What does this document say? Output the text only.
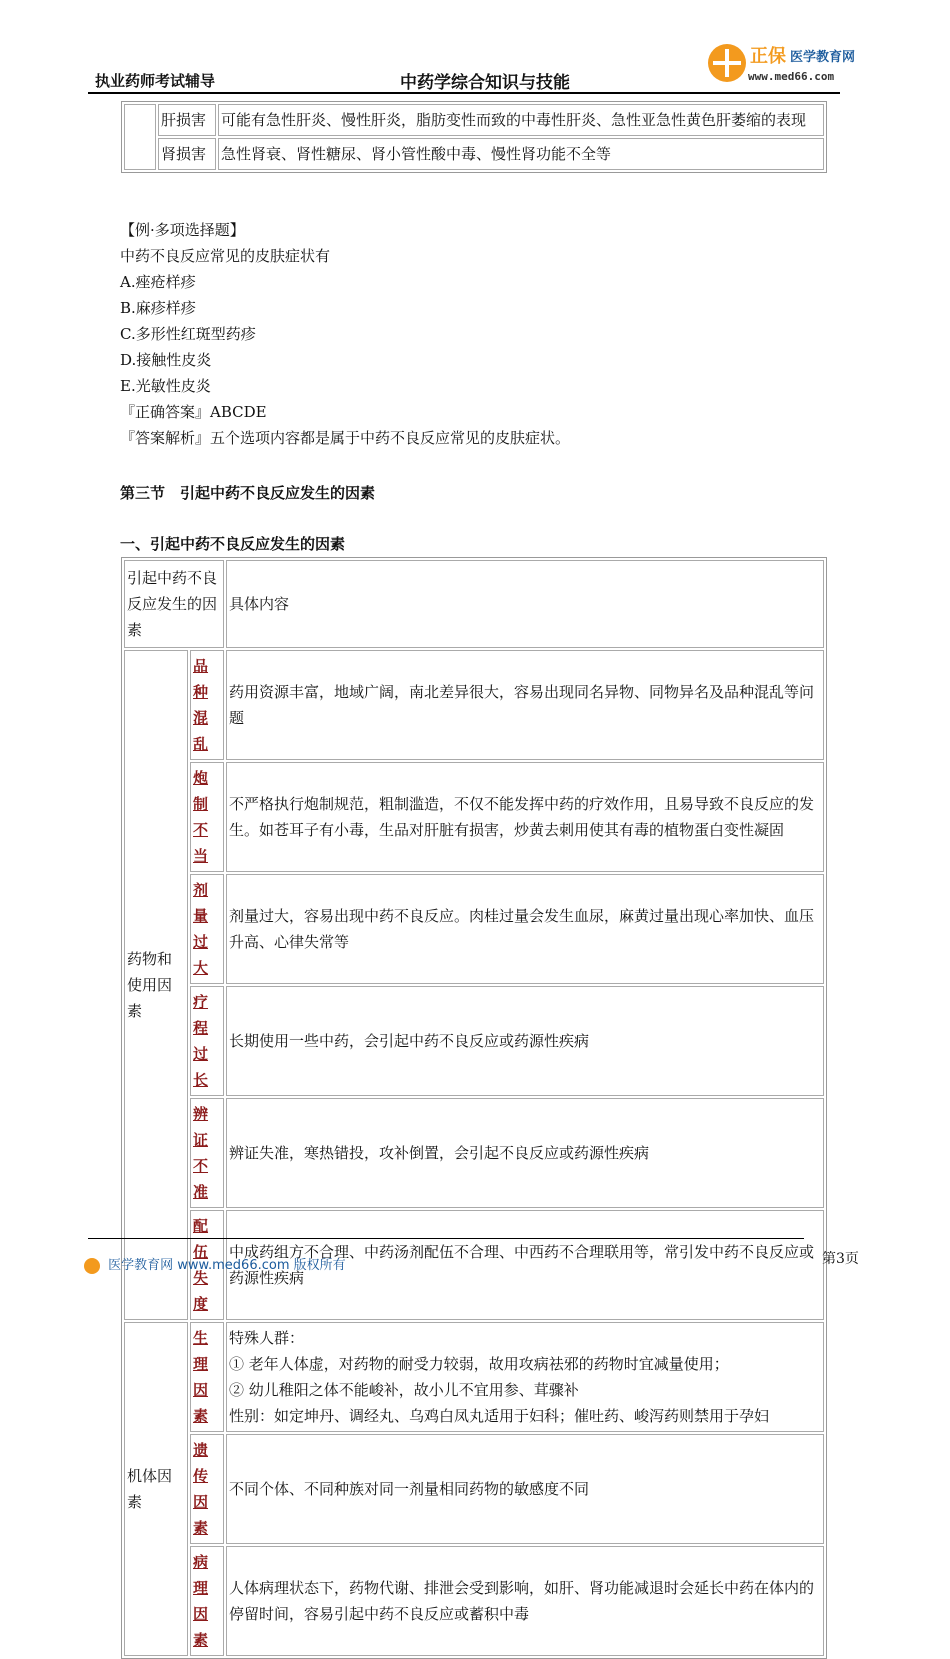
执业药师考试辅导	中药学综合知识与技能
正保 医学教育网
www.med66.com
	肝损害	可能有急性肝炎、慢性肝炎，脂肪变性而致的中毒性肝炎、急性亚急性黄色肝萎缩的表现
	肾损害	急性肾衰、肾性糖尿、肾小管性酸中毒、慢性肾功能不全等
【例·多项选择题】
中药不良反应常见的皮肤症状有
A.痤疮样疹
B.麻疹样疹
C.多形性红斑型药疹
D.接触性皮炎
E.光敏性皮炎
『正确答案』ABCDE
『答案解析』五个选项内容都是属于中药不良反应常见的皮肤症状。
第三节　引起中药不良反应发生的因素
一、引起中药不良反应发生的因素
引起中药不良反应发生的因素		具体内容
药物和使用因素	品种混乱	药用资源丰富，地域广阔，南北差异很大，容易出现同名异物、同物异名及品种混乱等问题
	炮制不当	不严格执行炮制规范，粗制滥造，不仅不能发挥中药的疗效作用，且易导致不良反应的发生。如苍耳子有小毒，生品对肝脏有损害，炒黄去刺用使其有毒的植物蛋白变性凝固
	剂量过大	剂量过大，容易出现中药不良反应。肉桂过量会发生血尿，麻黄过量出现心率加快、血压升高、心律失常等
	疗程过长	长期使用一些中药，会引起中药不良反应或药源性疾病
	辨证不准	辨证失准，寒热错投，攻补倒置，会引起不良反应或药源性疾病
	配伍失度	中成药组方不合理、中药汤剂配伍不合理、中西药不合理联用等，常引发中药不良反应或药源性疾病
机体因素	生理因素	特殊人群：
① 老年人体虚，对药物的耐受力较弱，故用攻病祛邪的药物时宜减量使用；
② 幼儿稚阳之体不能峻补，故小儿不宜用参、茸骤补
性别：如定坤丹、调经丸、乌鸡白凤丸适用于妇科；催吐药、峻泻药则禁用于孕妇

	遗传因素	不同个体、不同种族对同一剂量相同药物的敏感度不同
	病理因素	人体病理状态下，药物代谢、排泄会受到影响，如肝、肾功能减退时会延长中药在体内的停留时间，容易引起中药不良反应或蓄积中毒
医学教育网 www.med66.com 版权所有	第3页
